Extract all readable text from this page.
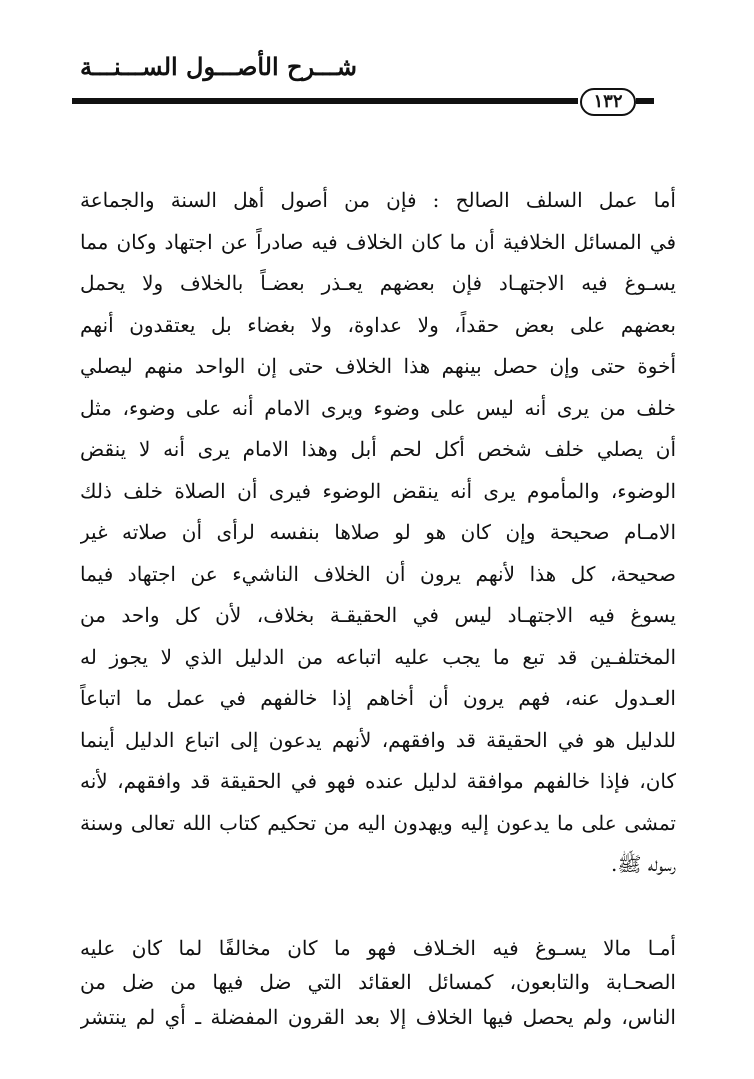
شـــرح الأصـــول الســـنـــة
١٣٢
أما عمل السلف الصالح : فإن من أصول أهل السنة والجماعة
في المسائل الخلافية أن ما كان الخلاف فيه صادراً عن اجتهاد وكان مما
يسـوغ فيه الاجتهـاد فإن بعضهم يعـذر بعضـاً بالخلاف ولا يحمل
بعضهم على بعض حقداً، ولا عداوة، ولا بغضاء بل يعتقدون أنهم
أخوة حتى وإن حصل بينهم هذا الخلاف حتى إن الواحد منهم ليصلي
خلف من يرى أنه ليس على وضوء ويرى الامام أنه على وضوء، مثل
أن يصلي خلف شخص أكل لحم أبل وهذا الامام يرى أنه لا ينقض
الوضوء، والمأموم يرى أنه ينقض الوضوء فيرى أن الصلاة خلف ذلك
الامـام صحيحة وإن كان هو لو صلاها بنفسه لرأى أن صلاته غير
صحيحة، كل هذا لأنهم يرون أن الخلاف الناشيء عن اجتهاد فيما
يسوغ فيه الاجتهـاد ليس في الحقيقـة بخلاف، لأن كل واحد من
المختلفـين قد تبع ما يجب عليه اتباعه من الدليل الذي لا يجوز له
العـدول عنه، فهم يرون أن أخاهم إذا خالفهم في عمل ما اتباعاً
للدليل هو في الحقيقة قد وافقهم، لأنهم يدعون إلى اتباع الدليل أينما
كان، فإذا خالفهم موافقة لدليل عنده فهو في الحقيقة قد وافقهم، لأنه
تمشى على ما يدعون إليه ويهدون اليه من تحكيم كتاب الله تعالى وسنة
رسوله ﷺ.
أمـا مالا يسـوغ فيه الخـلاف فهو ما كان مخالفًا لما كان عليه
الصحـابة والتابعون، كمسائل العقائد التي ضل فيها من ضل من
الناس، ولم يحصل فيها الخلاف إلا بعد القرون المفضلة ـ أي لم ينتشر
